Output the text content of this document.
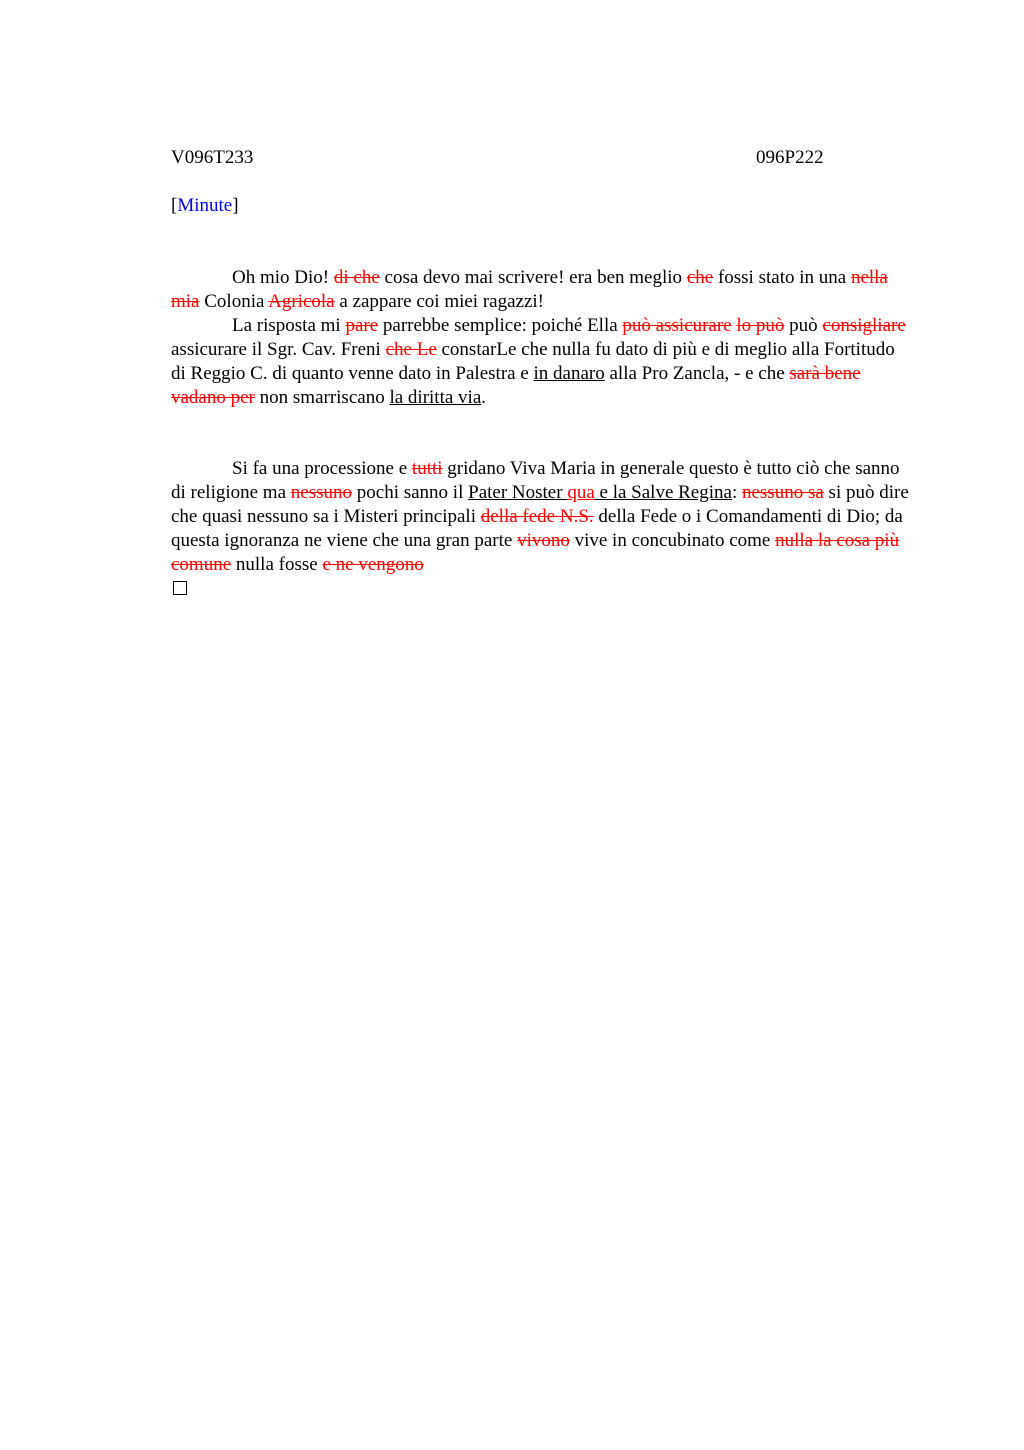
V096T233	096P222
[Minute]

Oh mio Dio! di che cosa devo mai scrivere! era ben meglio che fossi stato in una nella mia Colonia Agricola a zappare coi miei ragazzi!

La risposta mi pare parrebbe semplice: poiché Ella può assicurare lo può può consigliare assicurare il Sgr. Cav. Freni che Le constarLe che nulla fu dato di più e di meglio alla Fortitudo di Reggio C. di quanto venne dato in Palestra e in danaro alla Pro Zancla, - e che sarà bene vadano per non smarriscano la diritta via.

Si fa una processione e tutti gridano Viva Maria in generale questo è tutto ciò che sanno di religione ma nessuno pochi sanno il Pater Noster qua e la Salve Regina: nessuno sa si può dire che quasi nessuno sa i Misteri principali della fede N.S. della Fede o i Comandamenti di Dio; da questa ignoranza ne viene che una gran parte vivono vive in concubinato come nulla la cosa più comune nulla fosse e ne vengono
